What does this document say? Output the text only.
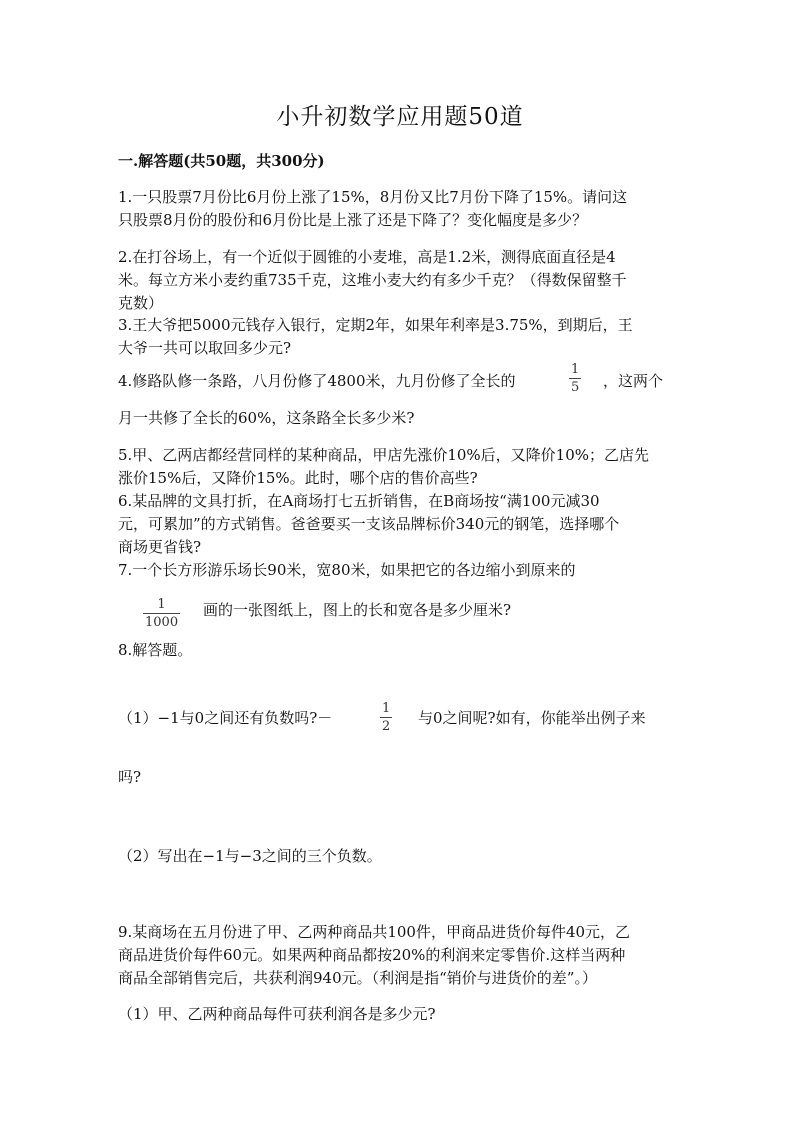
小升初数学应用题50道
一.解答题(共50题，共300分)
1.一只股票7月份比6月份上涨了15%，8月份又比7月份下降了15%。请问这
只股票8月份的股份和6月份比是上涨了还是下降了？变化幅度是多少？
2.在打谷场上，有一个近似于圆锥的小麦堆，高是1.2米，测得底面直径是4
米。每立方米小麦约重735千克，这堆小麦大约有多少千克？（得数保留整千
克数）
3.王大爷把5000元钱存入银行，定期2年，如果年利率是3.75%，到期后，王
大爷一共可以取回多少元?
4.修路队修一条路，八月份修了4800米，九月份修了全长的
1
5 ，这两个
月一共修了全长的60%，这条路全长多少米?
5.甲、乙两店都经营同样的某种商品，甲店先涨价10%后，又降价10%；乙店先
涨价15%后，又降价15%。此时，哪个店的售价高些?
6.某品牌的文具打折，在A商场打七五折销售，在B商场按“满100元减30
元，可累加”的方式销售。爸爸要买一支该品牌标价340元的钢笔，选择哪个
商场更省钱?
7.一个长方形游乐场长90米，宽80米，如果把它的各边缩小到原来的
1
1000
画的一张图纸上，图上的长和宽各是多少厘米?
8.解答题。
（1）−1与0之间还有负数吗?－
1
2 与0之间呢?如有，你能举出例子来
吗?
（2）写出在−1与−3之间的三个负数。
9.某商场在五月份进了甲、乙两种商品共100件，甲商品进货价每件40元，乙
商品进货价每件60元。如果两种商品都按20%的利润来定零售价.这样当两种
商品全部销售完后，共获利润940元。（利润是指“销价与进货价的差”。）
（1）甲、乙两种商品每件可获利润各是多少元?
